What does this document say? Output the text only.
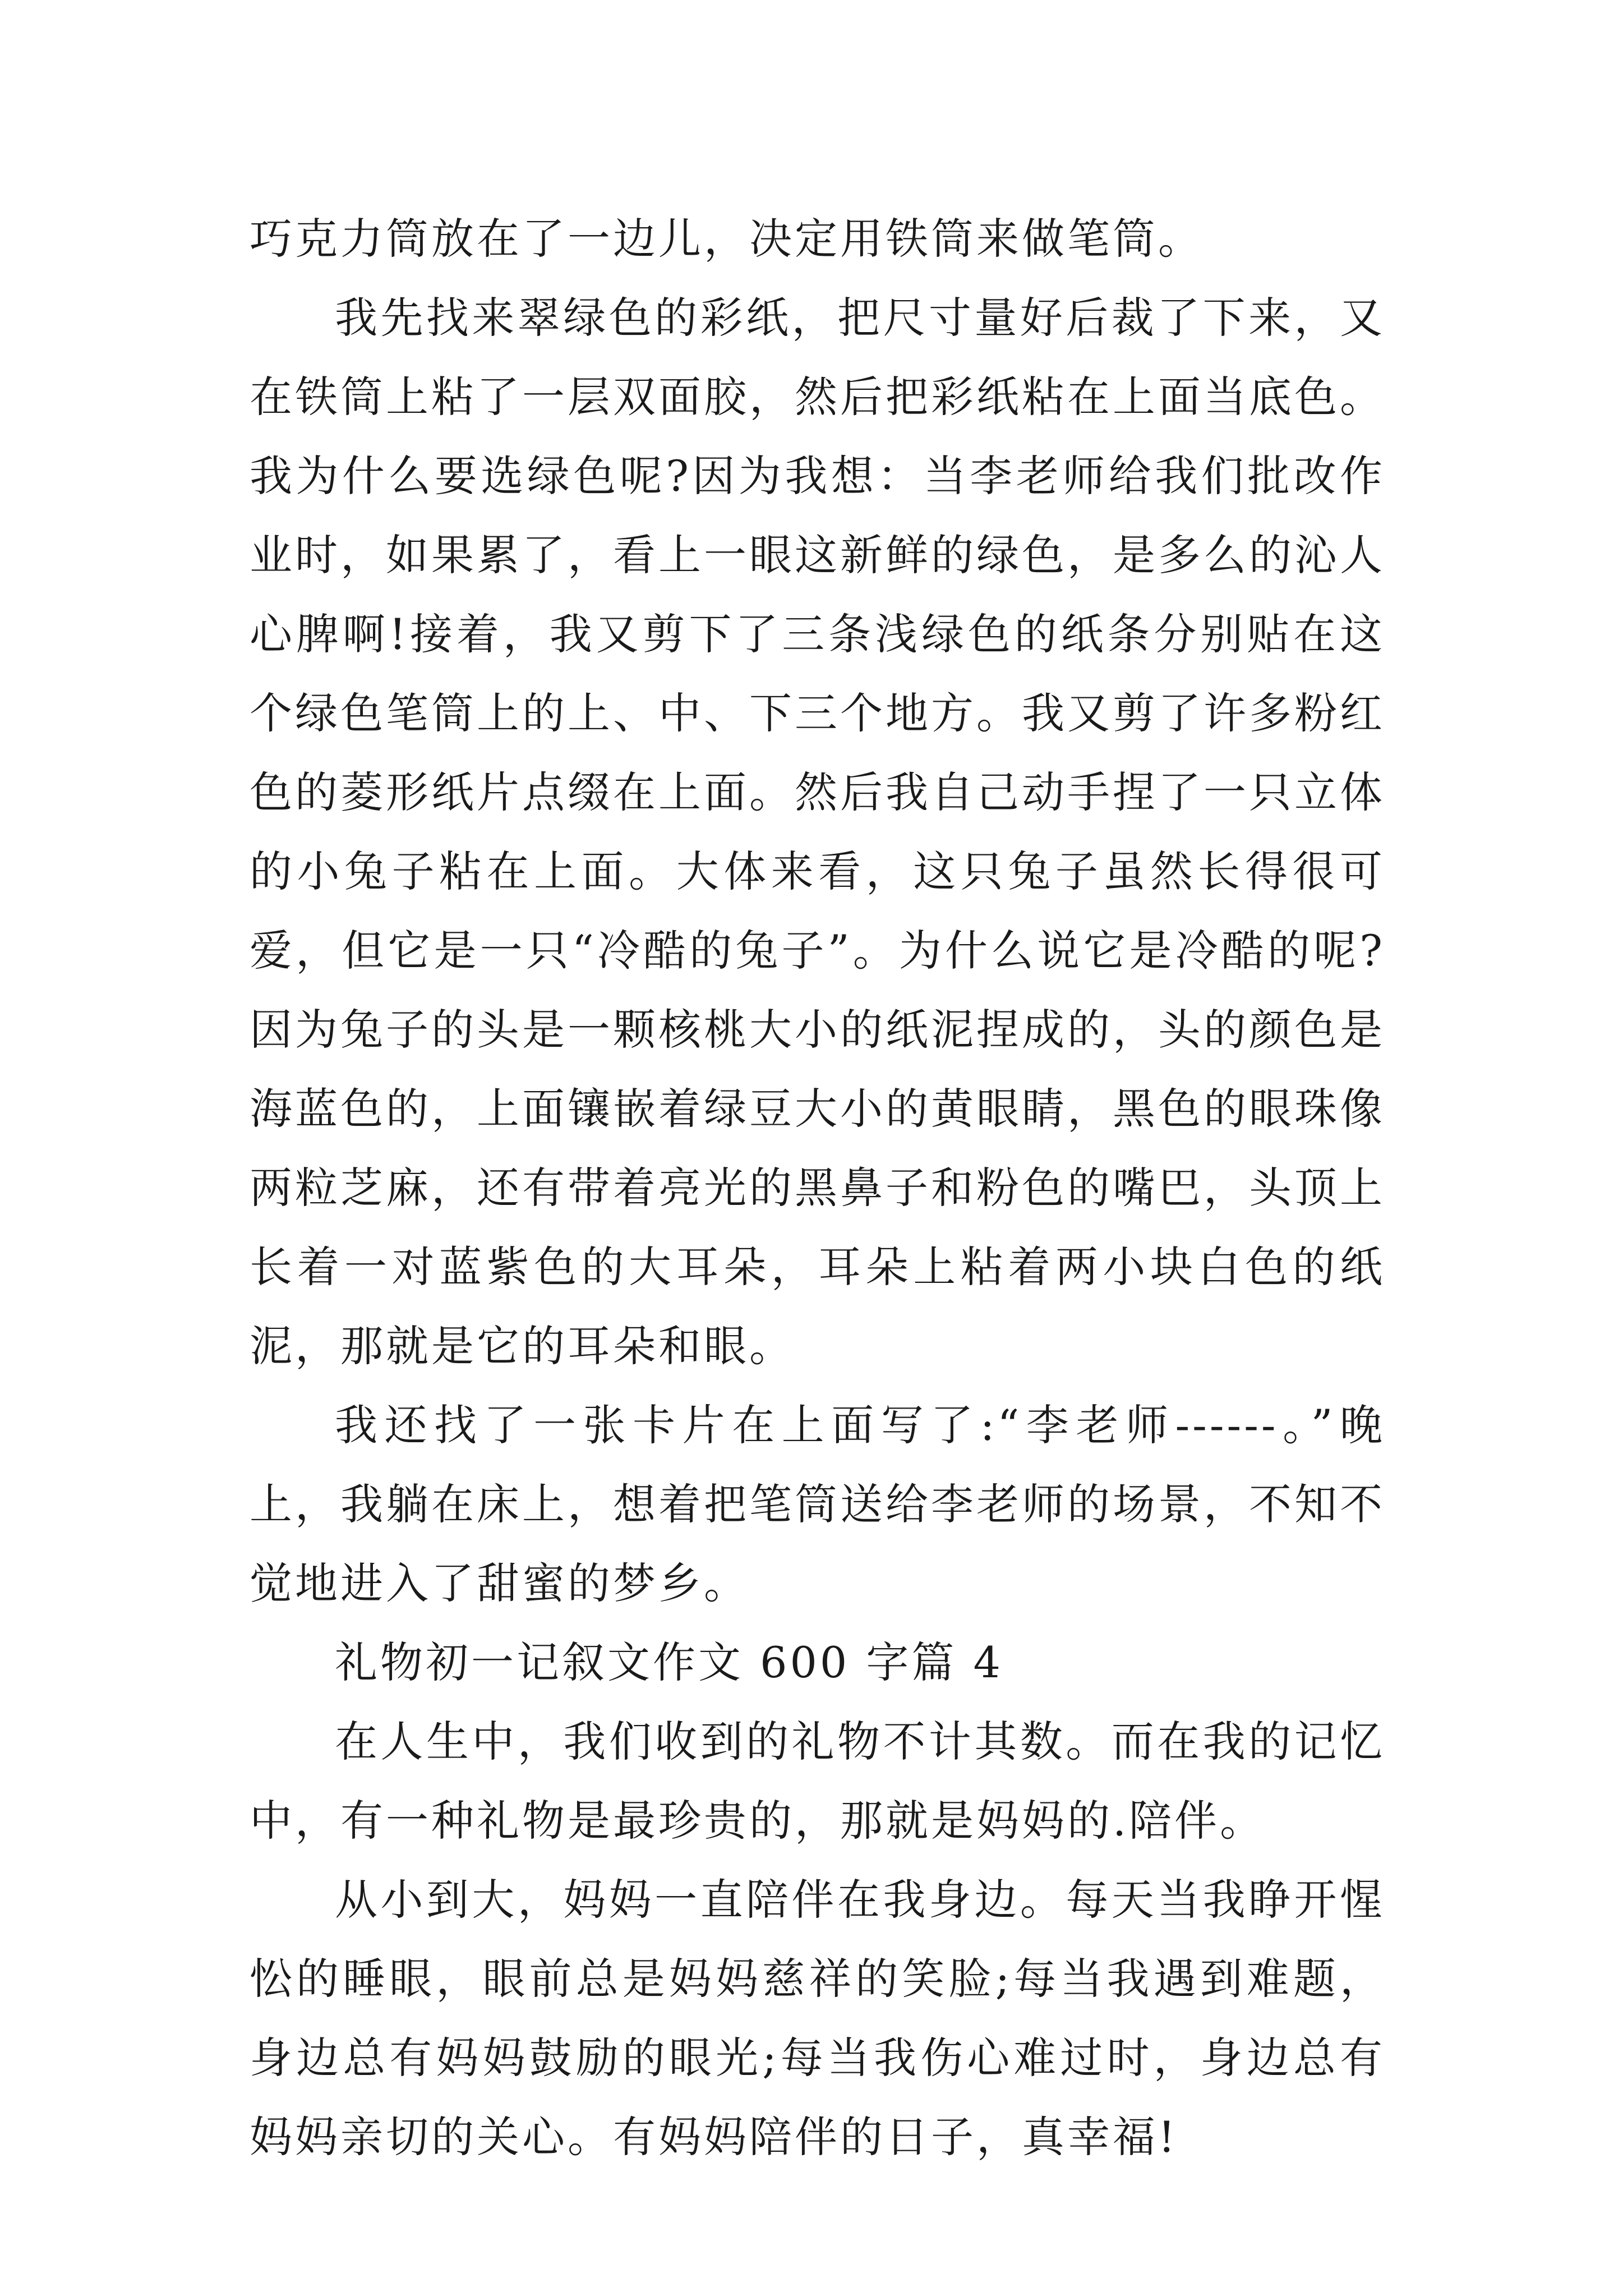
巧克力筒放在了一边儿，决定用铁筒来做笔筒。

我先找来翠绿色的彩纸，把尺寸量好后裁了下来，又在铁筒上粘了一层双面胶，然后把彩纸粘在上面当底色。我为什么要选绿色呢?因为我想：当李老师给我们批改作业时，如果累了，看上一眼这新鲜的绿色，是多么的沁人心脾啊!接着，我又剪下了三条浅绿色的纸条分别贴在这个绿色笔筒上的上、中、下三个地方。我又剪了许多粉红色的菱形纸片点缀在上面。然后我自己动手捏了一只立体的小兔子粘在上面。大体来看，这只兔子虽然长得很可爱，但它是一只“冷酷的兔子”。为什么说它是冷酷的呢?因为兔子的头是一颗核桃大小的纸泥捏成的，头的颜色是海蓝色的，上面镶嵌着绿豆大小的黄眼睛，黑色的眼珠像两粒芝麻，还有带着亮光的黑鼻子和粉色的嘴巴，头顶上长着一对蓝紫色的大耳朵，耳朵上粘着两小块白色的纸泥，那就是它的耳朵和眼。

我还找了一张卡片在上面写了:“李老师------。”晚上，我躺在床上，想着把笔筒送给李老师的场景，不知不觉地进入了甜蜜的梦乡。

礼物初一记叙文作文 600 字篇 4

在人生中，我们收到的礼物不计其数。而在我的记忆中，有一种礼物是最珍贵的，那就是妈妈的.陪伴。

从小到大，妈妈一直陪伴在我身边。每天当我睁开惺忪的睡眼，眼前总是妈妈慈祥的笑脸;每当我遇到难题，身边总有妈妈鼓励的眼光;每当我伤心难过时，身边总有妈妈亲切的关心。有妈妈陪伴的日子，真幸福!
